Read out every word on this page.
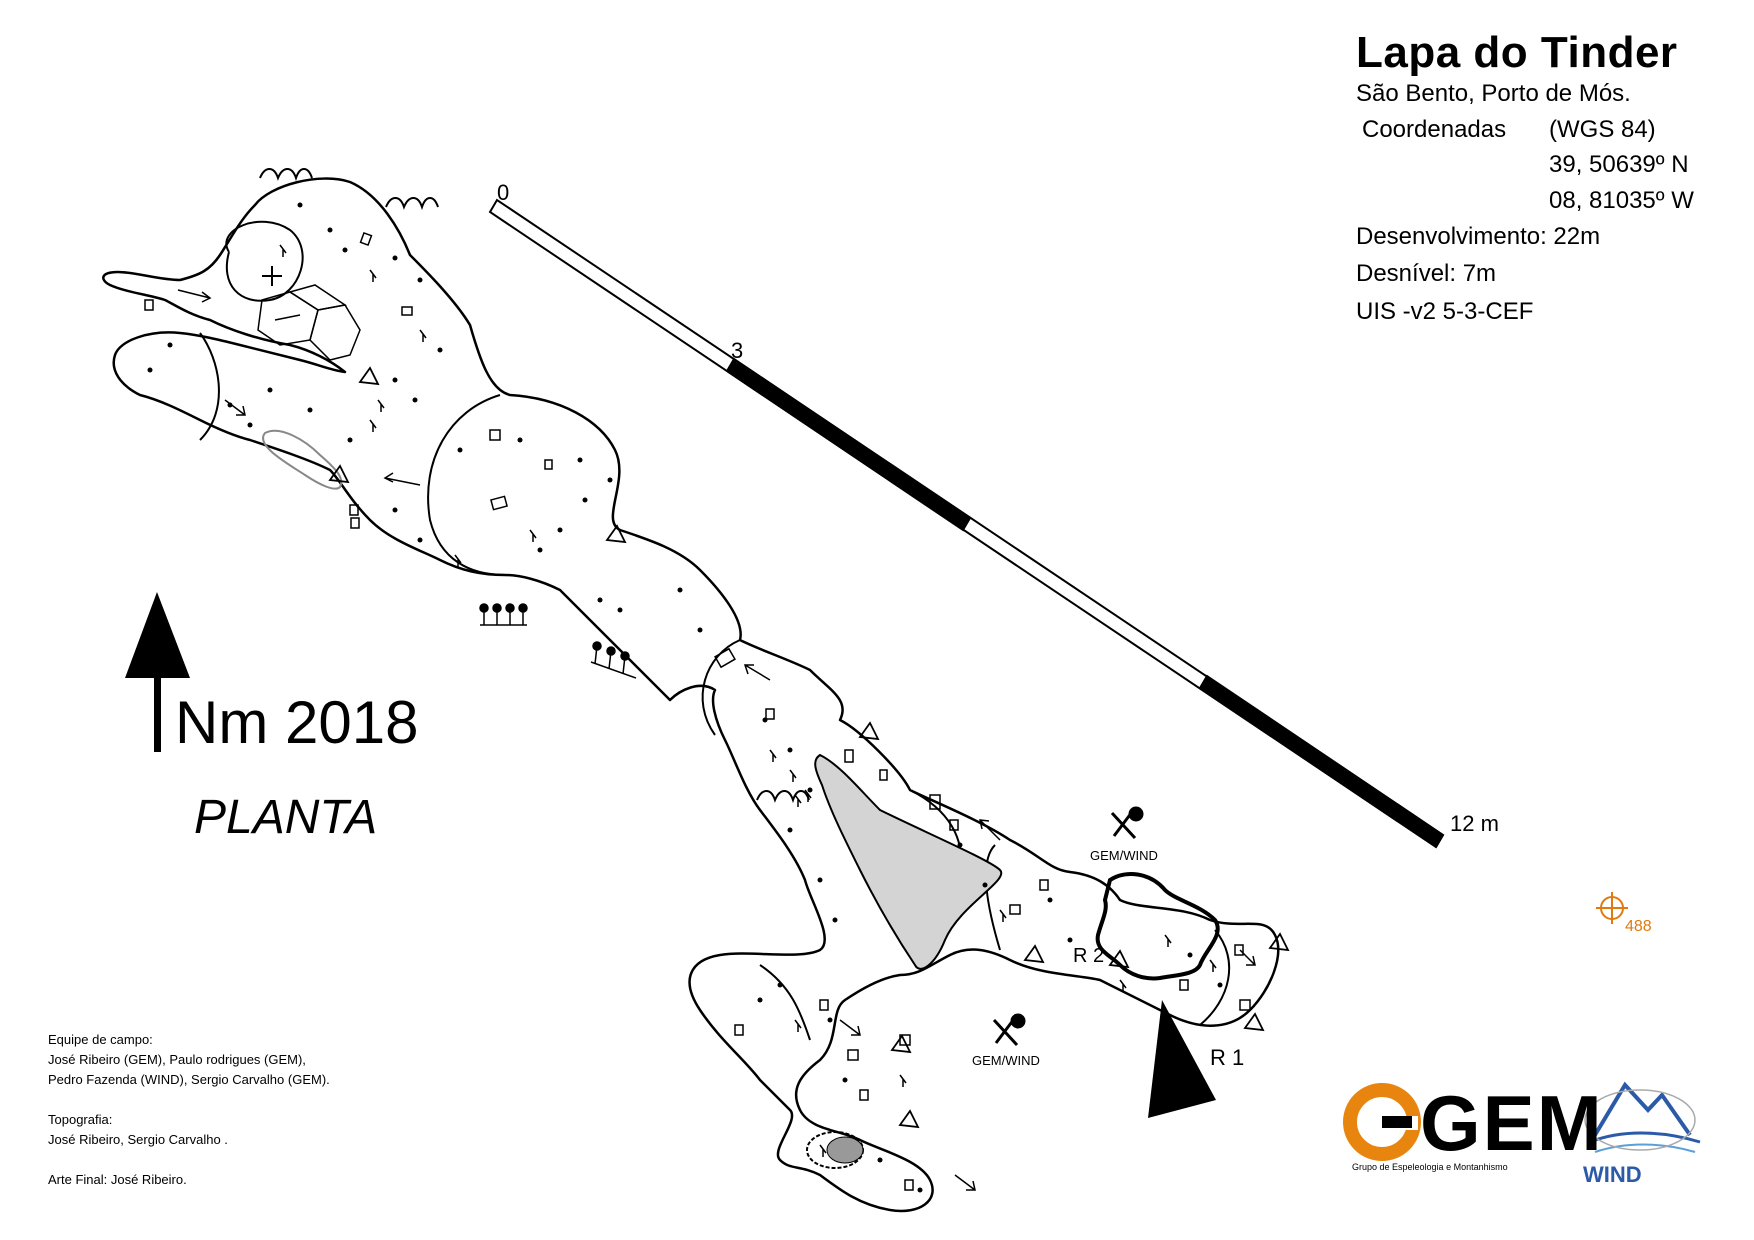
Lapa do Tinder
São Bento, Porto de Mós.
Coordenadas (WGS 84)
39, 50639º N
08, 81035º W
Desenvolvimento: 22m
Desnível: 7m
UIS -v2 5-3-CEF
0
3
12 m
Nm 2018
PLANTA
GEM/WIND
GEM/WIND
R 2
R 1
488
Equipe de campo:
José Ribeiro (GEM), Paulo rodrigues (GEM),
Pedro Fazenda (WIND), Sergio Carvalho (GEM).
Topografia:
José Ribeiro, Sergio Carvalho .
Arte Final: José Ribeiro.
GEM
Grupo de Espeleologia e Montanhismo	WIND
